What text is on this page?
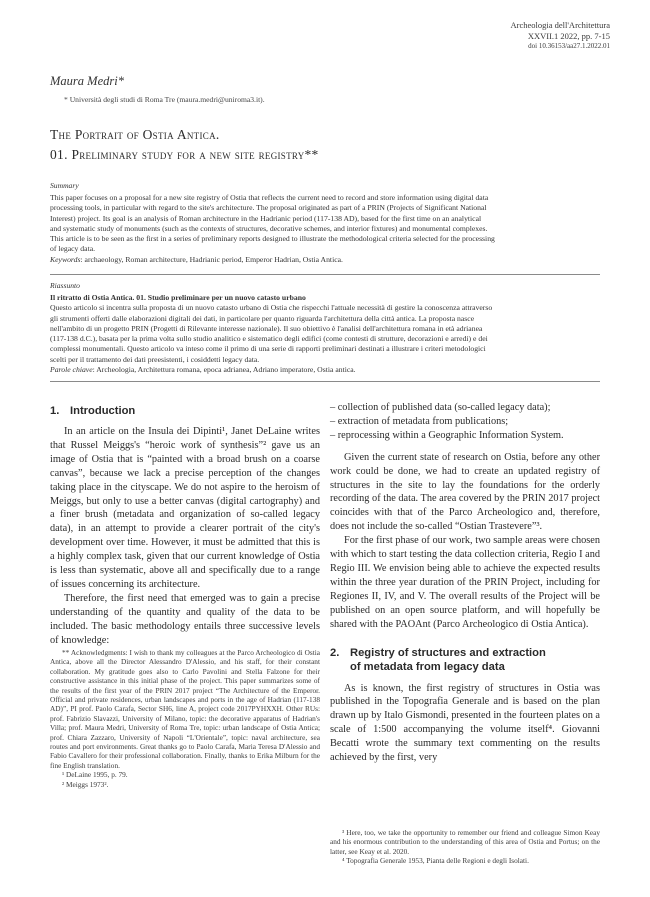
Archeologia dell'Architettura
XXVII.1 2022, pp. 7-15
doi 10.36153/aa27.1.2022.01
Maura Medri*
* Università degli studi di Roma Tre (maura.medri@uniroma3.it).
The Portrait of Ostia Antica.
01. Preliminary study for a new site registry**
Summary
This paper focuses on a proposal for a new site registry of Ostia that reflects the current need to record and store information using digital data
processing tools, in particular with regard to the site's architecture. The proposal originated as part of a PRIN (Projects of Significant National
Interest) project. Its goal is an analysis of Roman architecture in the Hadrianic period (117-138 AD), based for the first time on an analytical
and systematic study of monuments (such as the contexts of structures, decorative schemes, and interior fixtures) and monumental complexes.
This article is to be seen as the first in a series of preliminary reports designed to illustrate the methodological criteria selected for the processing
of legacy data.
Keywords: archaeology, Roman architecture, Hadrianic period, Emperor Hadrian, Ostia Antica.
Riassunto
Il ritratto di Ostia Antica. 01. Studio preliminare per un nuovo catasto urbano
Questo articolo si incentra sulla proposta di un nuovo catasto urbano di Ostia che rispecchi l'attuale necessità di gestire la conoscenza attraverso
gli strumenti offerti dalle elaborazioni digitali dei dati, in particolare per quanto riguarda l'architettura della città antica. La proposta nasce
nell'ambito di un progetto PRIN (Progetti di Rilevante interesse nazionale). Il suo obiettivo è l'analisi dell'architettura romana in età adrianea
(117-138 d.C.), basata per la prima volta sullo studio analitico e sistematico degli edifici (come contesti di strutture, decorazioni e arredi) e dei
complessi monumentali. Questo articolo va inteso come il primo di una serie di rapporti preliminari destinati a illustrare i criteri metodologici
scelti per il trattamento dei dati preesistenti, i cosiddetti legacy data.
Parole chiave: Archeologia, Architettura romana, epoca adrianea, Adriano imperatore, Ostia antica.
1. Introduction

In an article on the Insula dei Dipinti¹, Janet DeLaine writes that Russel Meiggs's “heroic work of synthesis”² gave us an image of Ostia that is “painted with a broad brush on a coarse canvas”, because we lack a precise perception of the changes taking place in the cityscape. We do not aspire to the heroism of Meiggs, but only to use a better canvas (digital cartography) and a finer brush (metadata and organization of so-called legacy data), in an attempt to provide a clearer portrait of the city's development over time. However, it must be admitted that this is a highly complex task, given that our current knowledge of Ostia is less than systematic, above all and specifically due to a range of issues concerning its architecture.

Therefore, the first need that emerged was to gain a precise understanding of the quantity and quality of the data to be included. The basic methodology entails three successive levels of knowledge:

** Acknowledgments: I wish to thank my colleagues at the Parco Archeologico di Ostia Antica, above all the Director Alessandro D'Alessio, and his staff, for their constant collaboration. My gratitude goes also to Carlo Pavolini and Stella Falzone for their constructive assistance in this initial phase of the project. This paper summarizes some of the results of the first year of the PRIN 2017 project “The Architecture of the Emperor. Official and private residences, urban landscapes and ports in the age of Hadrian (117-138 AD)”, PI prof. Paolo Carafa, Sector SH6, line A, project code 2017PYHXXH. Other RUs: prof. Fabrizio Slavazzi, University of Milano, topic: the decorative apparatus of Hadrian's Villa; prof. Maura Medri, University of Roma Tre, topic: urban landscape of Ostia Antica; prof. Chiara Zazzaro, University of Napoli “L'Orientale”, topic: naval architecture, sea routes and port environments. Great thanks go to Paolo Carafa, Maria Teresa D'Alessio and Fabio Cavallero for their professional collaboration. Finally, thanks to Erika Milburn for the fine English translation.
¹ DeLaine 1995, p. 79.
² Meiggs 1973².
– collection of published data (so-called legacy data);
– extraction of metadata from publications;
– reprocessing within a Geographic Information System.

Given the current state of research on Ostia, before any other work could be done, we had to create an updated registry of structures in the site to lay the foundations for the orderly recording of the data. The area covered by the PRIN 2017 project coincides with that of the Parco Archeologico and, therefore, does not include the so-called “Ostian Trastevere”³.

For the first phase of our work, two sample areas were chosen with which to start testing the data collection criteria, Regio I and Regio III. We envision being able to achieve the expected results within the three year duration of the PRIN Project, including for Regiones II, IV, and V. The overall results of the Project will be published on an open source platform, and will hopefully be shared with the PAOAnt (Parco Archeologico di Ostia Antica).

2. Registry of structures and extraction
of metadata from legacy data

As is known, the first registry of structures in Ostia was published in the Topografia Generale and is based on the plan drawn up by Italo Gismondi, presented in the fourteen plates on a scale of 1:500 accompanying the volume itself⁴. Giovanni Becatti wrote the summary text commenting on the results achieved by the first, very

³ Here, too, we take the opportunity to remember our friend and colleague Simon Keay and his enormous contribution to the understanding of this area of Ostia and Portus; on the latter, see Keay et al. 2020.
⁴ Topografia Generale 1953, Pianta delle Regioni e degli Isolati.
